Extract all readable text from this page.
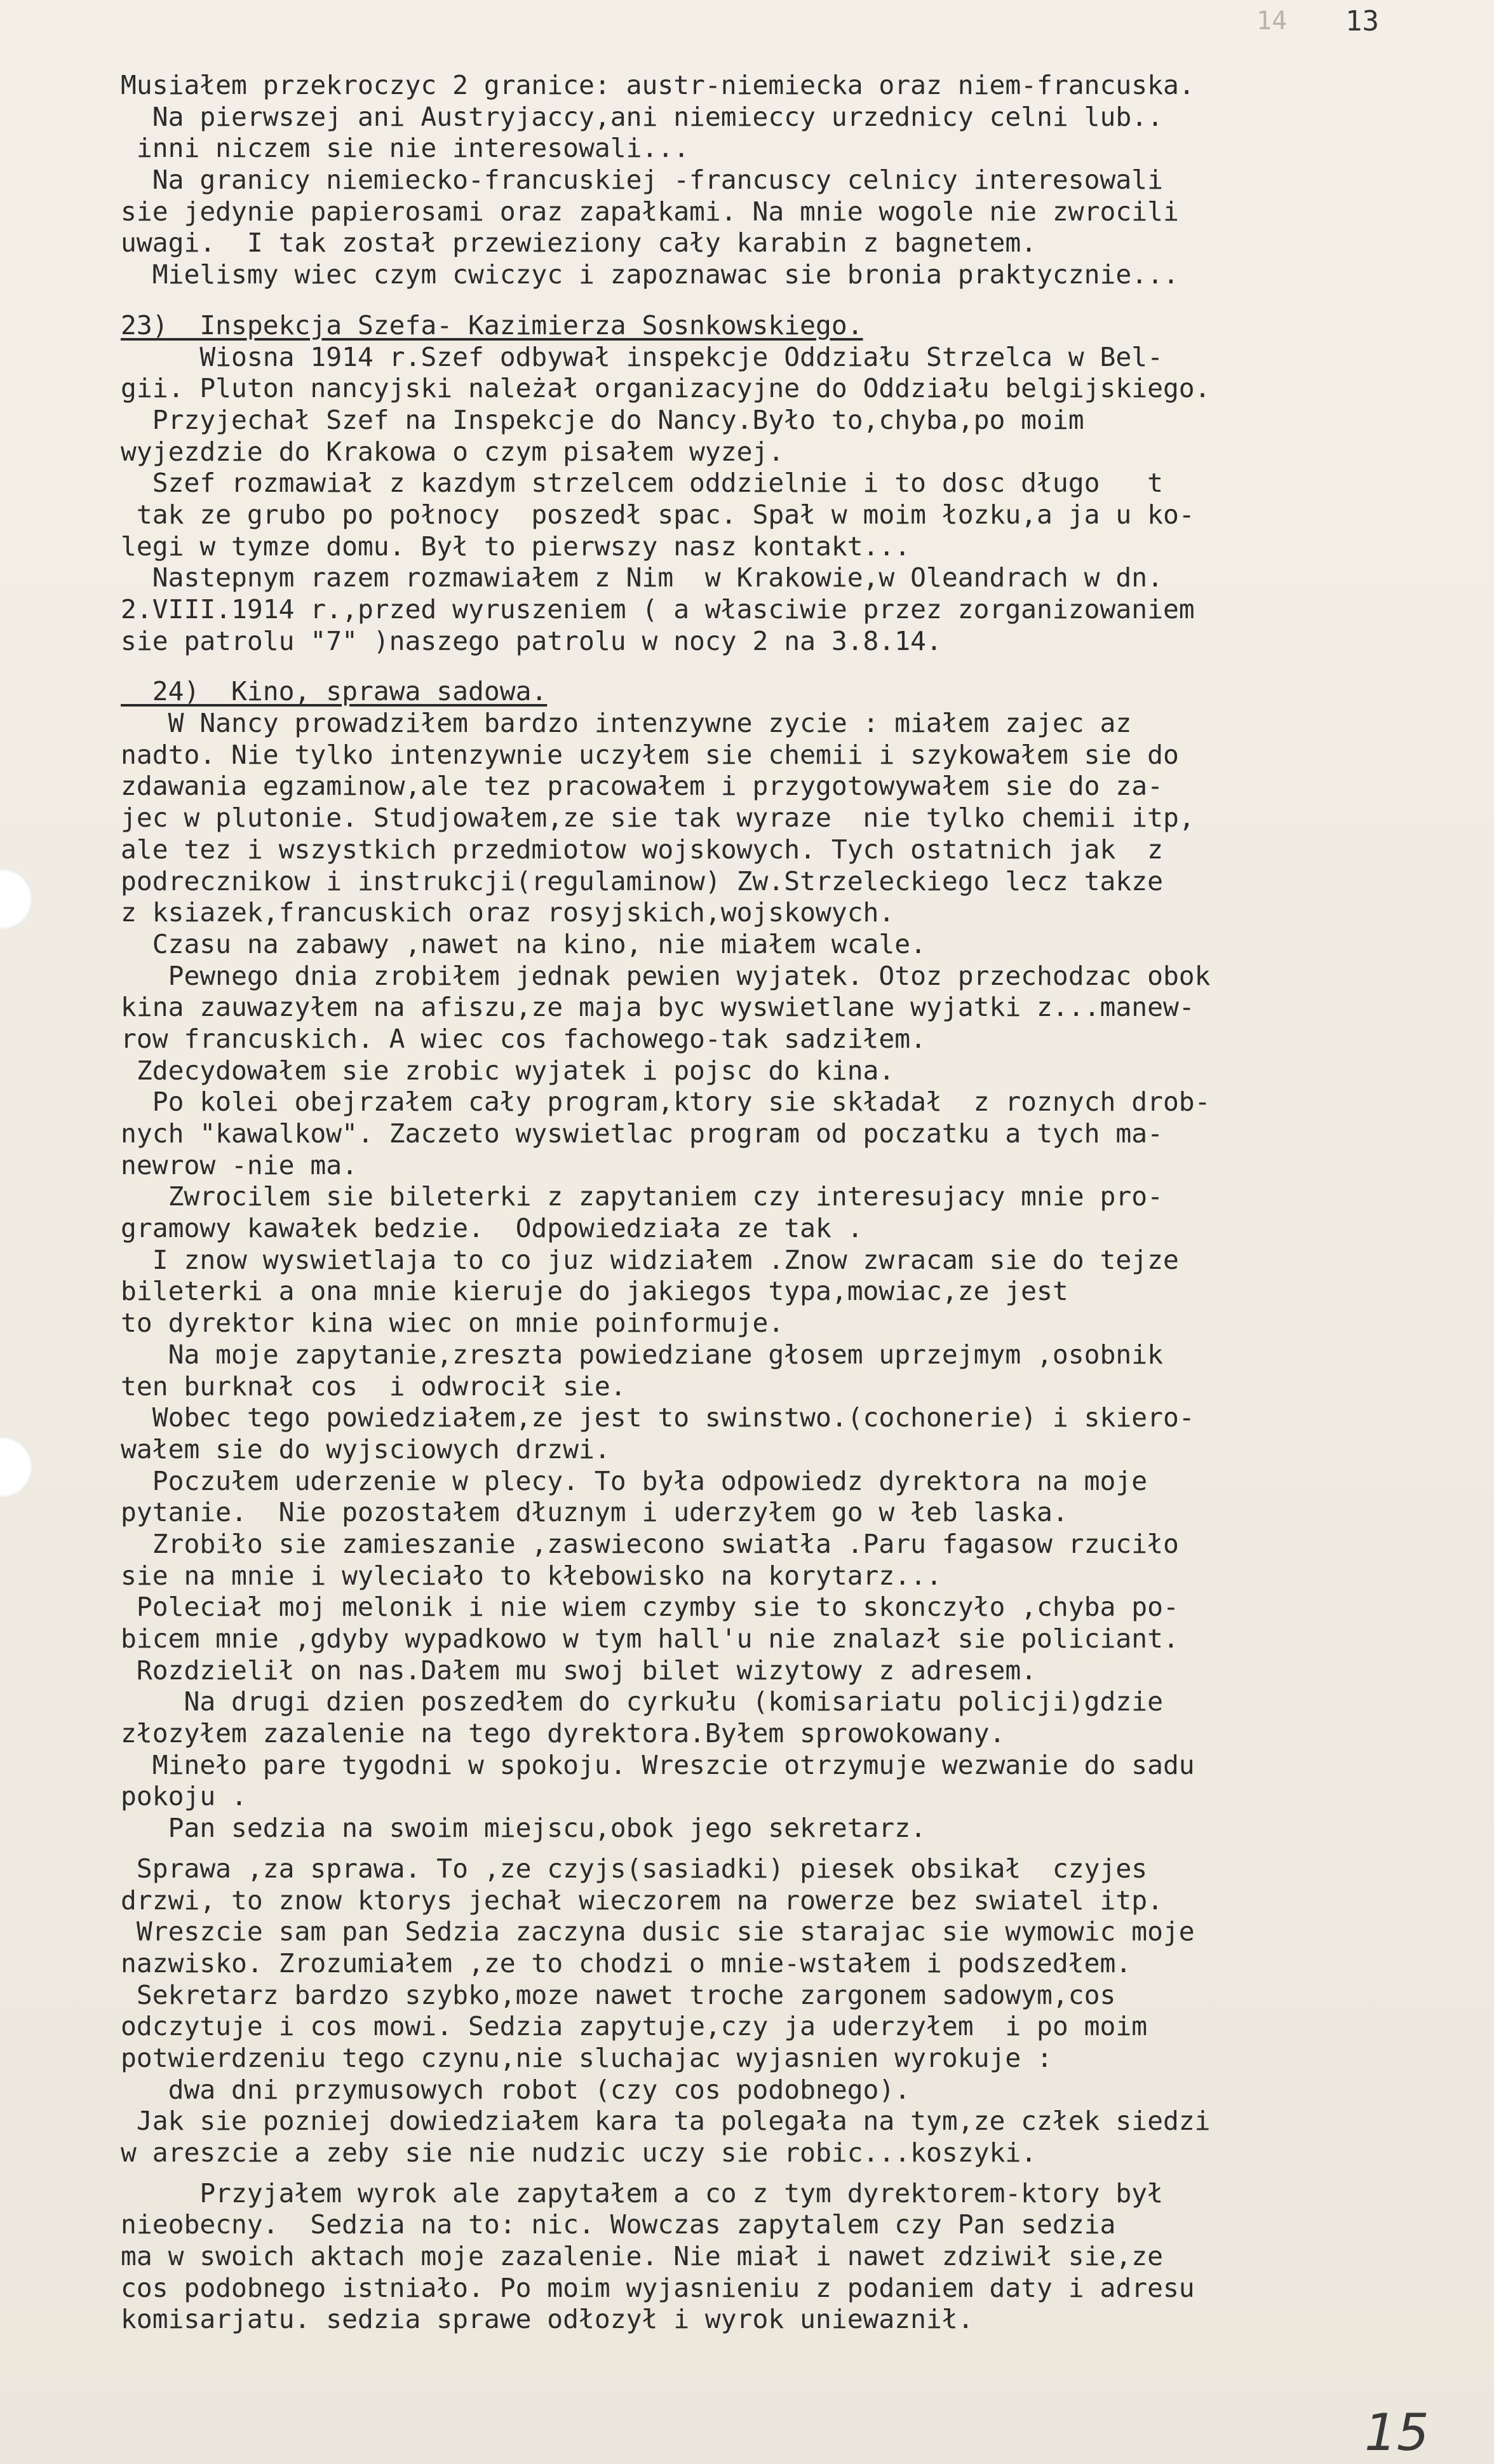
14 13
Musiałem przekroczyc 2 granice: austr-niemiecka oraz niem-francuska.
Na pierwszej ani Austryjaccy,ani niemieccy urzednicy celni lub..
inni niczem sie nie interesowali...
Na granicy niemiecko-francuskiej -francuscy celnicy interesowali
sie jedynie papierosami oraz zapałkami. Na mnie wogole nie zwrocili
uwagi.  I tak został przewieziony cały karabin z bagnetem.
Mielismy wiec czym cwiczyc i zapoznawac sie bronia praktycznie...
23)  Inspekcja Szefa- Kazimierza Sosnkowskiego.
Wiosna 1914 r.Szef odbywał inspekcje Oddziału Strzelca w Bel-
gii. Pluton nancyjski należał organizacyjne do Oddziału belgijskiego.
Przyjechał Szef na Inspekcje do Nancy.Było to,chyba,po moim
wyjezdzie do Krakowa o czym pisałem wyzej.
Szef rozmawiał z kazdym strzelcem oddzielnie i to dosc długo   t
tak ze grubo po połnocy  poszedł spac. Spał w moim łozku,a ja u ko-
legi w tymze domu. Był to pierwszy nasz kontakt...
Nastepnym razem rozmawiałem z Nim  w Krakowie,w Oleandrach w dn.
2.VIII.1914 r.,przed wyruszeniem ( a własciwie przez zorganizowaniem
sie patrolu "7" )naszego patrolu w nocy 2 na 3.8.14.
24)  Kino, sprawa sadowa.
W Nancy prowadziłem bardzo intenzywne zycie : miałem zajec az
nadto. Nie tylko intenzywnie uczyłem sie chemii i szykowałem sie do
zdawania egzaminow,ale tez pracowałem i przygotowywałem sie do za-
jec w plutonie. Studjowałem,ze sie tak wyraze  nie tylko chemii itp,
ale tez i wszystkich przedmiotow wojskowych. Tych ostatnich jak  z
podrecznikow i instrukcji(regulaminow) Zw.Strzeleckiego lecz takze
z ksiazek,francuskich oraz rosyjskich,wojskowych.
Czasu na zabawy ,nawet na kino, nie miałem wcale.
Pewnego dnia zrobiłem jednak pewien wyjatek. Otoz przechodzac obok
kina zauwazyłem na afiszu,ze maja byc wyswietlane wyjatki z...manew-
row francuskich. A wiec cos fachowego-tak sadziłem.
Zdecydowałem sie zrobic wyjatek i pojsc do kina.
Po kolei obejrzałem cały program,ktory sie składał  z roznych drob-
nych "kawalkow". Zaczeto wyswietlac program od poczatku a tych ma-
newrow -nie ma.
Zwrocilem sie bileterki z zapytaniem czy interesujacy mnie pro-
gramowy kawałek bedzie.  Odpowiedziała ze tak .
I znow wyswietlaja to co juz widziałem .Znow zwracam sie do tejze
bileterki a ona mnie kieruje do jakiegos typa,mowiac,ze jest
to dyrektor kina wiec on mnie poinformuje.
Na moje zapytanie,zreszta powiedziane głosem uprzejmym ,osobnik
ten burknał cos  i odwrocił sie.
Wobec tego powiedziałem,ze jest to swinstwo.(cochonerie) i skiero-
wałem sie do wyjsciowych drzwi.
Poczułem uderzenie w plecy. To była odpowiedz dyrektora na moje
pytanie.  Nie pozostałem dłuznym i uderzyłem go w łeb laska.
Zrobiło sie zamieszanie ,zaswiecono swiatła .Paru fagasow rzuciło
sie na mnie i wyleciało to kłebowisko na korytarz...
Poleciał moj melonik i nie wiem czymby sie to skonczyło ,chyba po-
bicem mnie ,gdyby wypadkowo w tym hall'u nie znalazł sie policiant.
Rozdzielił on nas.Dałem mu swoj bilet wizytowy z adresem.
Na drugi dzien poszedłem do cyrkułu (komisariatu policji)gdzie
złozyłem zazalenie na tego dyrektora.Byłem sprowokowany.
Mineło pare tygodni w spokoju. Wreszcie otrzymuje wezwanie do sadu
pokoju .
Pan sedzia na swoim miejscu,obok jego sekretarz.
Sprawa ,za sprawa. To ,ze czyjs(sasiadki) piesek obsikał  czyjes
drzwi, to znow ktorys jechał wieczorem na rowerze bez swiatel itp.
Wreszcie sam pan Sedzia zaczyna dusic sie starajac sie wymowic moje
nazwisko. Zrozumiałem ,ze to chodzi o mnie-wstałem i podszedłem.
Sekretarz bardzo szybko,moze nawet troche zargonem sadowym,cos
odczytuje i cos mowi. Sedzia zapytuje,czy ja uderzyłem  i po moim
potwierdzeniu tego czynu,nie sluchajac wyjasnien wyrokuje :
dwa dni przymusowych robot (czy cos podobnego).
Jak sie pozniej dowiedziałem kara ta polegała na tym,ze człek siedzi
w areszcie a zeby sie nie nudzic uczy sie robic...koszyki.
Przyjałem wyrok ale zapytałem a co z tym dyrektorem-ktory był
nieobecny.  Sedzia na to: nic. Wowczas zapytalem czy Pan sedzia
ma w swoich aktach moje zazalenie. Nie miał i nawet zdziwił sie,ze
cos podobnego istniało. Po moim wyjasnieniu z podaniem daty i adresu
komisarjatu. sedzia sprawe odłozył i wyrok uniewaznił.
15
